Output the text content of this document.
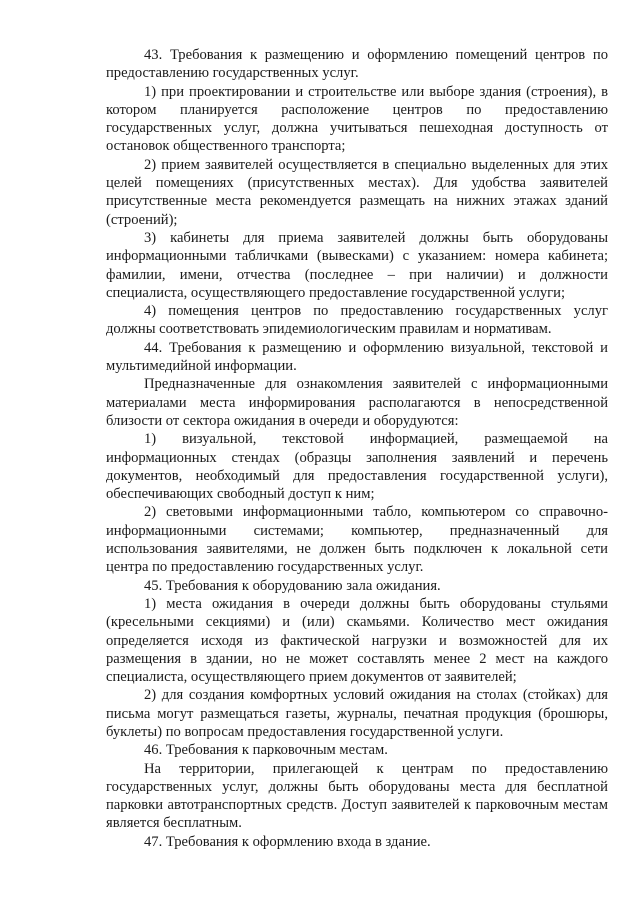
43. Требования к размещению и оформлению помещений центров по предоставлению государственных услуг.

1) при проектировании и строительстве или выборе здания (строения), в котором планируется расположение центров по предоставлению государственных услуг, должна учитываться пешеходная доступность от остановок общественного транспорта;

2) прием заявителей осуществляется в специально выделенных для этих целей помещениях (присутственных местах). Для удобства заявителей присутственные места рекомендуется размещать на нижних этажах зданий (строений);

3) кабинеты для приема заявителей должны быть оборудованы информационными табличками (вывесками) с указанием: номера кабинета; фамилии, имени, отчества (последнее – при наличии) и должности специалиста, осуществляющего предоставление государственной услуги;

4) помещения центров по предоставлению государственных услуг должны соответствовать эпидемиологическим правилам и нормативам.

44. Требования к размещению и оформлению визуальной, текстовой и мультимедийной информации.

Предназначенные для ознакомления заявителей с информационными материалами места информирования располагаются в непосредственной близости от сектора ожидания в очереди и оборудуются:

1) визуальной, текстовой информацией, размещаемой на информационных стендах (образцы заполнения заявлений и перечень документов, необходимый для предоставления государственной услуги), обеспечивающих свободный доступ к ним;

2) световыми информационными табло, компьютером со справочно-информационными системами; компьютер, предназначенный для использования заявителями, не должен быть подключен к локальной сети центра по предоставлению государственных услуг.

45. Требования к оборудованию зала ожидания.

1) места ожидания в очереди должны быть оборудованы стульями (кресельными секциями) и (или) скамьями. Количество мест ожидания определяется исходя из фактической нагрузки и возможностей для их размещения в здании, но не может составлять менее 2 мест на каждого специалиста, осуществляющего прием документов от заявителей;

2) для создания комфортных условий ожидания на столах (стойках) для письма могут размещаться газеты, журналы, печатная продукция (брошюры, буклеты) по вопросам предоставления государственной услуги.

46. Требования к парковочным местам.

На территории, прилегающей к центрам по предоставлению государственных услуг, должны быть оборудованы места для бесплатной парковки автотранспортных средств. Доступ заявителей к парковочным местам является бесплатным.

47. Требования к оформлению входа в здание.
